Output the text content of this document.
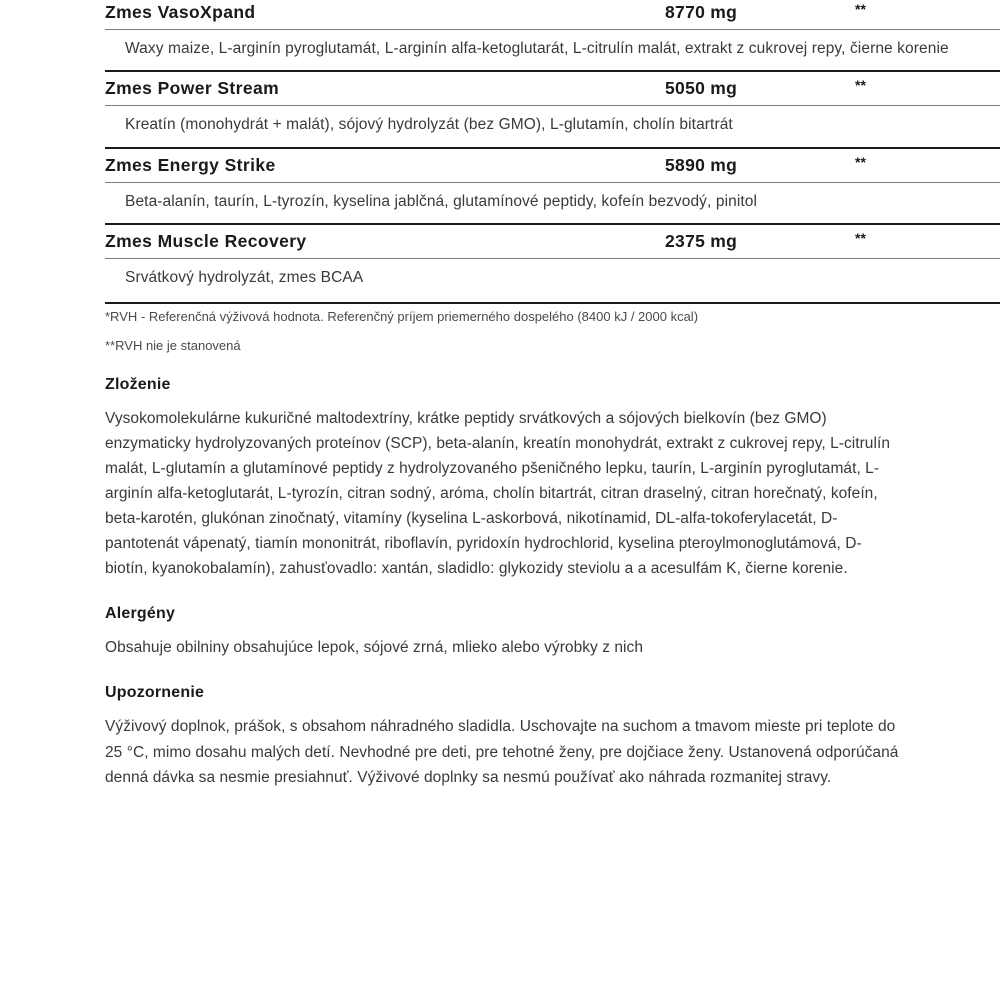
Zmes VasoXpand	8770 mg	**
Waxy maize, L-arginín pyroglutamát, L-arginín alfa-ketoglutarát, L-citrulín malát, extrakt z cukrovej repy, čierne korenie
Zmes Power Stream	5050 mg	**
Kreatín (monohydrát + malát), sójový hydrolyzát (bez GMO), L-glutamín, cholín bitartrát
Zmes Energy Strike	5890 mg	**
Beta-alanín, taurín, L-tyrozín, kyselina jablčná, glutamínové peptidy, kofeín bezvodý, pinitol
Zmes Muscle Recovery	2375 mg	**
Srvátkový hydrolyzát, zmes BCAA
*RVH - Referenčná výživová hodnota. Referenčný príjem priemerného dospelého (8400 kJ / 2000 kcal)
**RVH nie je stanovená
Zloženie
Vysokomolekulárne kukuričné maltodextríny, krátke peptidy srvátkových a sójových bielkovín (bez GMO) enzymaticky hydrolyzovaných proteínov (SCP), beta-alanín, kreatín monohydrát, extrakt z cukrovej repy, L-citrulín malát, L-glutamín a glutamínové peptidy z hydrolyzovaného pšeničného lepku, taurín, L-arginín pyroglutamát, L-arginín alfa-ketoglutarát, L-tyrozín, citran sodný, aróma, cholín bitartrát, citran draselný, citran horečnatý, kofeín, beta-karotén, glukónan zinočnatý, vitamíny (kyselina L-askorbová, nikotínamid, DL-alfa-tokoferylacetát, D-pantotenát vápenatý, tiamín mononitrát, riboflavín, pyridoxín hydrochlorid, kyselina pteroylmonoglutámová, D-biotín, kyanokobalamín), zahusťovadlo: xantán, sladidlo: glykozidy steviolu a a acesulfám K, čierne korenie.
Alergény
Obsahuje obilniny obsahujúce lepok, sójové zrná, mlieko alebo výrobky z nich
Upozornenie
Výživový doplnok, prášok, s obsahom náhradného sladidla. Uschovajte na suchom a tmavom mieste pri teplote do 25 °C, mimo dosahu malých detí. Nevhodné pre deti, pre tehotné ženy, pre dojčiace ženy. Ustanovená odporúčaná denná dávka sa nesmie presiahnuť. Výživové doplnky sa nesmú používať ako náhrada rozmanitej stravy.
